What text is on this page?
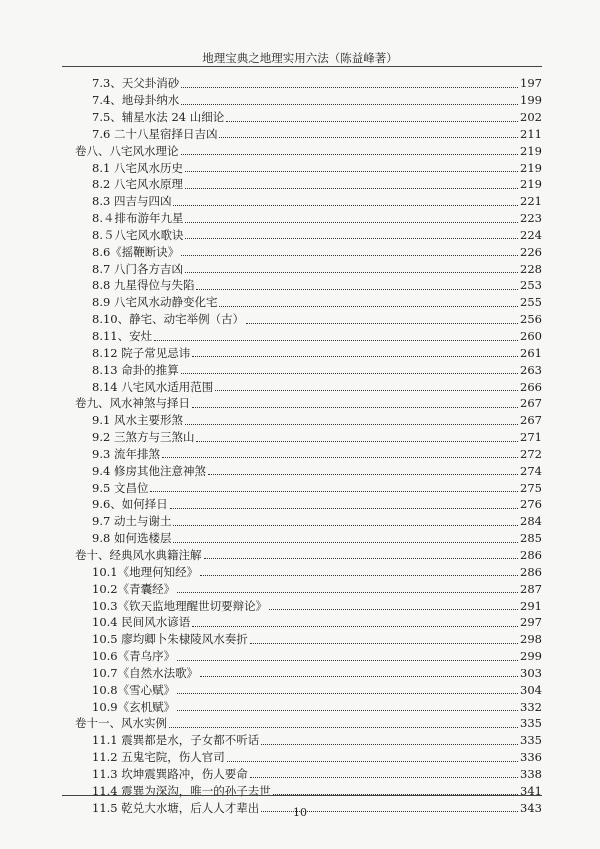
地理宝典之地理实用六法（陈益峰著）
7.3、天父卦消砂	197
7.4、地母卦纳水	199
7.5、辅星水法 24 山细论	202
7.6 二十八星宿择日吉凶	211
卷八、八宅风水理论	219
8.1 八宅风水历史	219
8.2 八宅风水原理	219
8.3 四吉与四凶	221
8.４排布游年九星	223
8.５八宅风水歌诀	224
8.6《摇鞭断诀》	226
8.7 八门各方吉凶	228
8.8 九星得位与失陷	253
8.9 八宅风水动静变化宅	255
8.10、静宅、动宅举例（古）	256
8.11、安灶	260
8.12 院子常见忌讳	261
8.13 命卦的推算	263
8.14 八宅风水适用范围	266
卷九、风水神煞与择日	267
9.1 风水主要形煞	267
9.2 三煞方与三煞山	271
9.3 流年排煞	272
9.4 修房其他注意神煞	274
9.5 文昌位	275
9.6、如何择日	276
9.7 动土与谢土	284
9.8 如何选楼层	285
卷十、经典风水典籍注解	286
10.1《地理何知经》	286
10.2《青囊经》	287
10.3《钦天监地理醒世切要辩论》	291
10.4 民间风水谚语	297
10.5 廖均卿卜朱棣陵风水奏折	298
10.6《青乌序》	299
10.7《自然水法歌》	303
10.8《雪心赋》	304
10.9《玄机赋》	332
卷十一、风水实例	335
11.1 震巽都是水，子女都不听话	335
11.2 五鬼宅院，伤人官司	336
11.3 坎坤震巽路冲，伤人要命	338
11.4 震巽为深沟，唯一的孙子去世	341
11.5 乾兑大水塘，后人人才辈出	343
10
